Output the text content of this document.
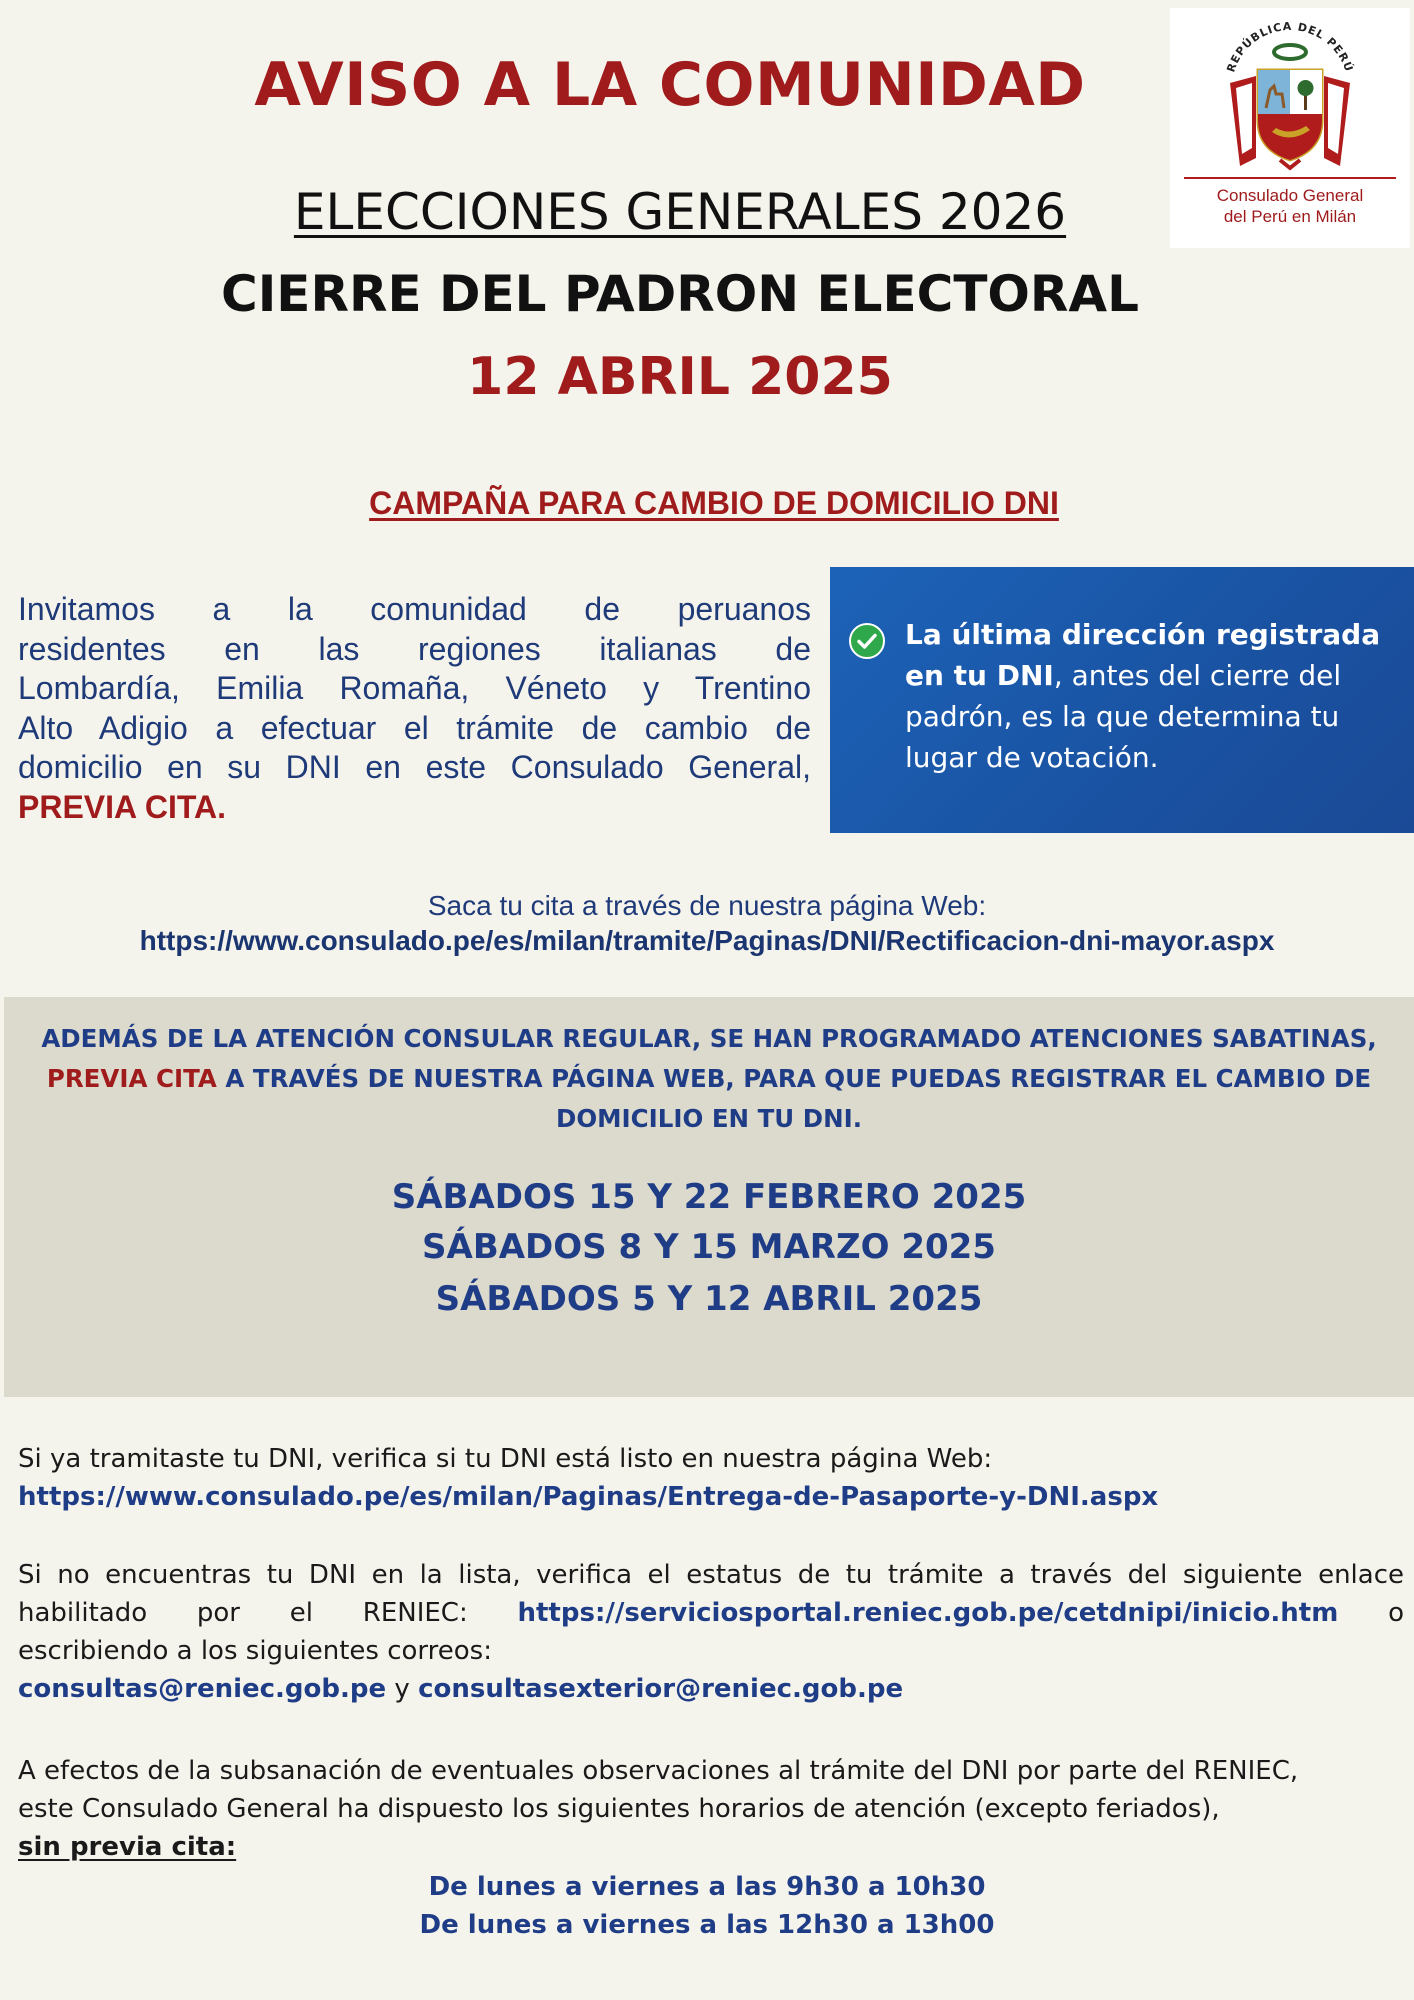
REPÚBLICA DEL PERÚ
Consulado General
del Perú en Milán
AVISO A LA COMUNIDAD
ELECCIONES GENERALES 2026
CIERRE DEL PADRON ELECTORAL
12 ABRIL 2025
CAMPAÑA PARA CAMBIO DE DOMICILIO DNI
Invitamos a la comunidad de peruanos
residentes en las regiones italianas de
Lombardía, Emilia Romaña, Véneto y Trentino
Alto Adigio a efectuar el trámite de cambio de
domicilio en su DNI en este Consulado General,
PREVIA CITA.
La última dirección registrada en tu DNI, antes del cierre del padrón, es la que determina tu lugar de votación.
Saca tu cita a través de nuestra página Web:
https://www.consulado.pe/es/milan/tramite/Paginas/DNI/Rectificacion-dni-mayor.aspx
ADEMÁS DE LA ATENCIÓN CONSULAR REGULAR, SE HAN PROGRAMADO ATENCIONES SABATINAS,
PREVIA CITA A TRAVÉS DE NUESTRA PÁGINA WEB, PARA QUE PUEDAS REGISTRAR EL CAMBIO DE DOMICILIO EN TU DNI.
SÁBADOS 15 Y 22 FEBRERO 2025
SÁBADOS 8 Y 15 MARZO 2025
SÁBADOS 5 Y 12 ABRIL 2025
Si ya tramitaste tu DNI, verifica si tu DNI está listo en nuestra página Web:
https://www.consulado.pe/es/milan/Paginas/Entrega-de-Pasaporte-y-DNI.aspx
Si no encuentras tu DNI en la lista, verifica el estatus de tu trámite a través del siguiente enlace
habilitado por el RENIEC: https://serviciosportal.reniec.gob.pe/cetdnipi/inicio.htm o
escribiendo a los siguientes correos:
consultas@reniec.gob.pe y consultasexterior@reniec.gob.pe
A efectos de la subsanación de eventuales observaciones al trámite del DNI por parte del RENIEC,
este Consulado General ha dispuesto los siguientes horarios de atención (excepto feriados),
sin previa cita:
De lunes a viernes a las 9h30 a 10h30
De lunes a viernes a las 12h30 a 13h00
